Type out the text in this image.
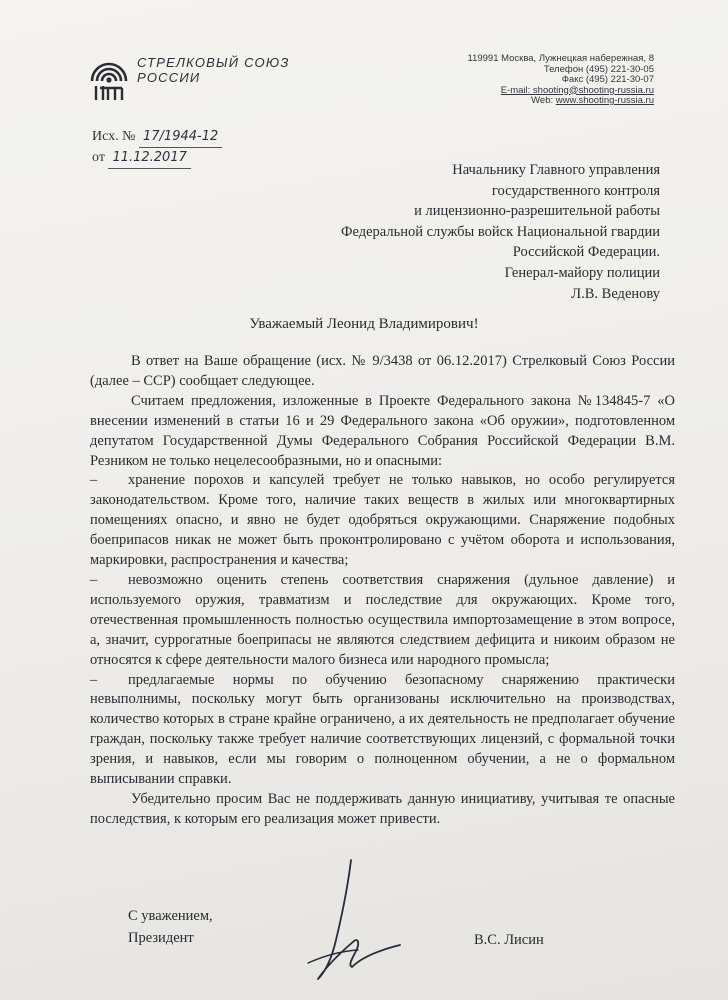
СТРЕЛКОВЫЙ СОЮЗ
РОССИИ
119991 Москва, Лужнецкая набережная, 8
Телефон (495) 221-30-05
Факс (495) 221-30-07
E-mail: shooting@shooting-russia.ru
Web: www.shooting-russia.ru
Исх. № 17/1944-12
от 11.12.2017
Начальнику Главного управления
государственного контроля
и лицензионно-разрешительной работы
Федеральной службы войск Национальной гвардии
Российской Федерации.
Генерал-майору полиции
Л.В. Веденову
Уважаемый Леонид Владимирович!

В ответ на Ваше обращение (исх. № 9/3438 от 06.12.2017) Стрелковый Союз России (далее – ССР) сообщает следующее.

Считаем предложения, изложенные в Проекте Федерального закона №134845-7 «О внесении изменений в статьи 16 и 29 Федерального закона «Об оружии», подготовленном депутатом Государственной Думы Федерального Собрания Российской Федерации В.М. Резником не только нецелесообразными, но и опасными:

– хранение порохов и капсулей требует не только навыков, но особо регулируется законодательством. Кроме того, наличие таких веществ в жилых или многоквартирных помещениях опасно, и явно не будет одобряться окружающими. Снаряжение подобных боеприпасов никак не может быть проконтролировано с учётом оборота и использования, маркировки, распространения и качества;

– невозможно оценить степень соответствия снаряжения (дульное давление) и используемого оружия, травматизм и последствие для окружающих. Кроме того, отечественная промышленность полностью осуществила импортозамещение в этом вопросе, а, значит, суррогатные боеприпасы не являются следствием дефицита и никоим образом не относятся к сфере деятельности малого бизнеса или народного промысла;

– предлагаемые нормы по обучению безопасному снаряжению практически невыполнимы, поскольку могут быть организованы исключительно на производствах, количество которых в стране крайне ограничено, а их деятельность не предполагает обучение граждан, поскольку также требует наличие соответствующих лицензий, с формальной точки зрения, и навыков, если мы говорим о полноценном обучении, а не о формальном выписывании справки.

Убедительно просим Вас не поддерживать данную инициативу, учитывая те опасные последствия, к которым его реализация может привести.

С уважением,
Президент	В.С. Лисин
